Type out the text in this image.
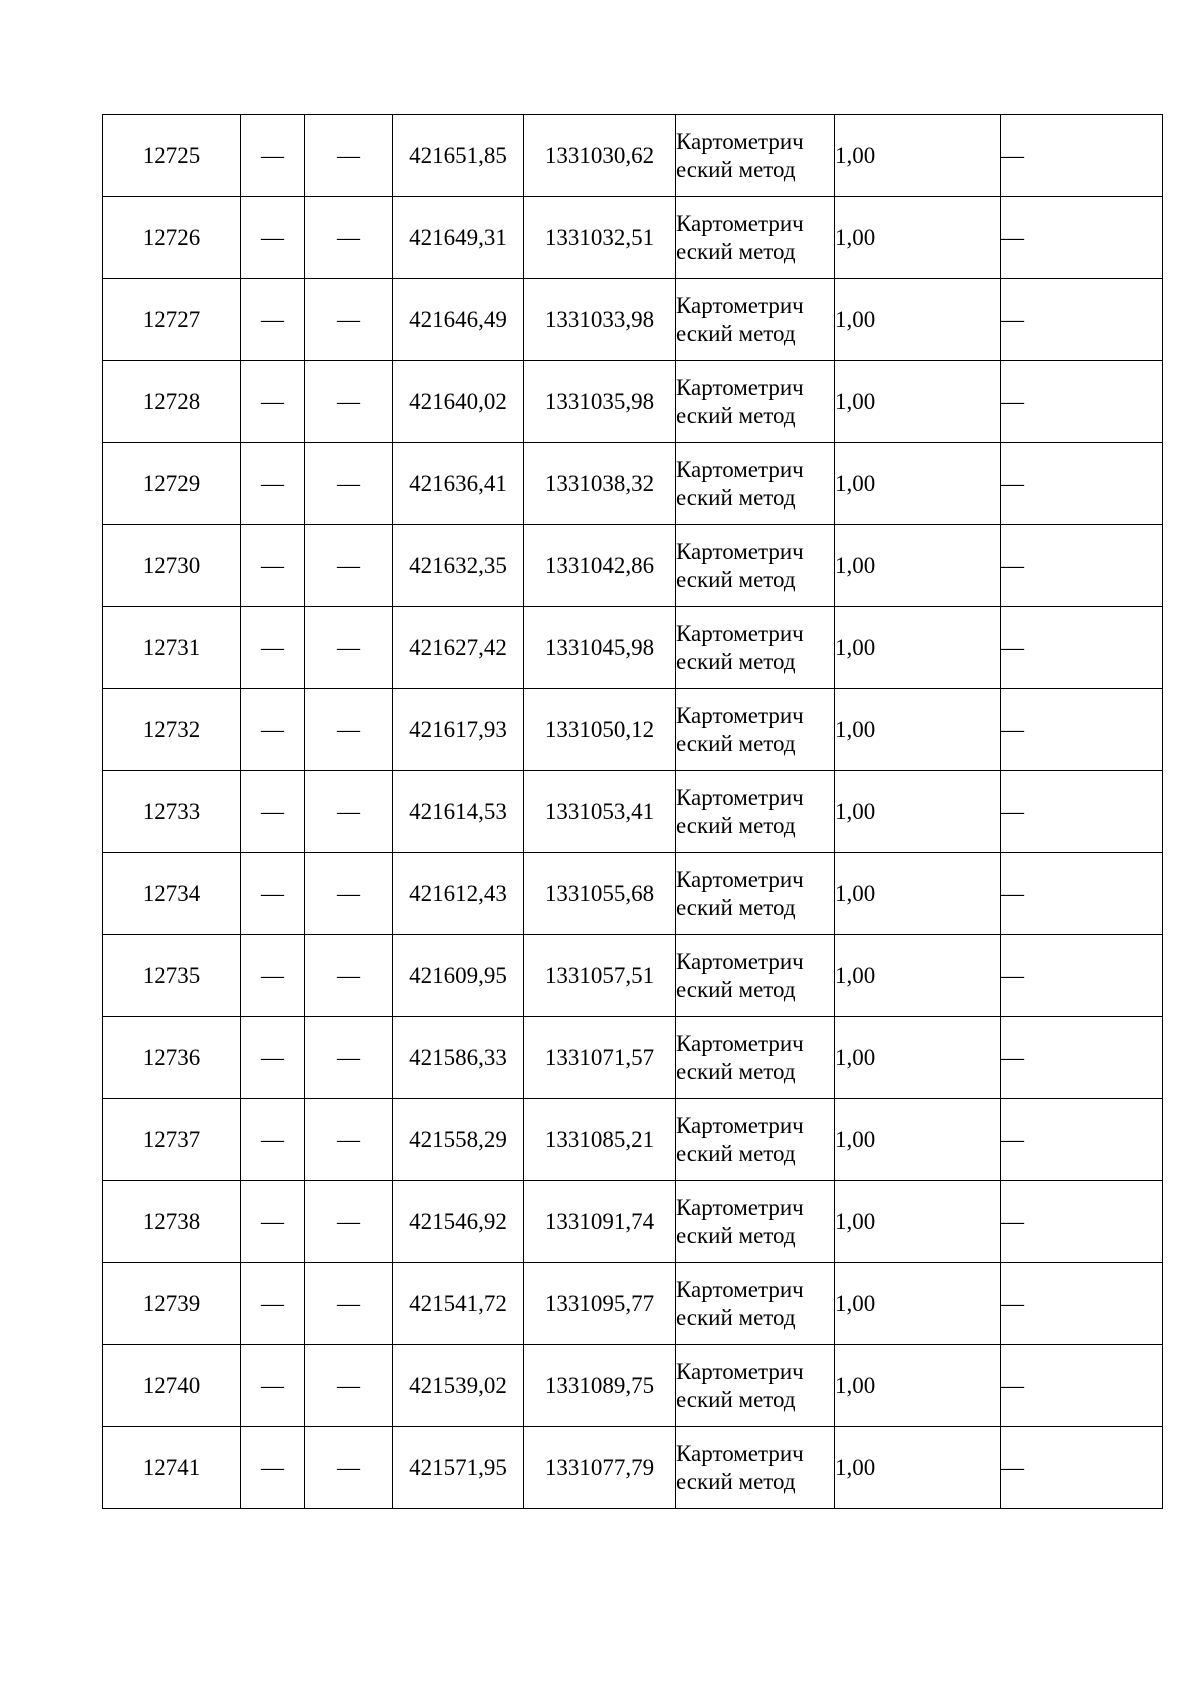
12725	—	—	421651,85	1331030,62	Картометрический метод	1,00	—
12726	—	—	421649,31	1331032,51	Картометрический метод	1,00	—
12727	—	—	421646,49	1331033,98	Картометрический метод	1,00	—
12728	—	—	421640,02	1331035,98	Картометрический метод	1,00	—
12729	—	—	421636,41	1331038,32	Картометрический метод	1,00	—
12730	—	—	421632,35	1331042,86	Картометрический метод	1,00	—
12731	—	—	421627,42	1331045,98	Картометрический метод	1,00	—
12732	—	—	421617,93	1331050,12	Картометрический метод	1,00	—
12733	—	—	421614,53	1331053,41	Картометрический метод	1,00	—
12734	—	—	421612,43	1331055,68	Картометрический метод	1,00	—
12735	—	—	421609,95	1331057,51	Картометрический метод	1,00	—
12736	—	—	421586,33	1331071,57	Картометрический метод	1,00	—
12737	—	—	421558,29	1331085,21	Картометрический метод	1,00	—
12738	—	—	421546,92	1331091,74	Картометрический метод	1,00	—
12739	—	—	421541,72	1331095,77	Картометрический метод	1,00	—
12740	—	—	421539,02	1331089,75	Картометрический метод	1,00	—
12741	—	—	421571,95	1331077,79	Картометрический метод	1,00	—
